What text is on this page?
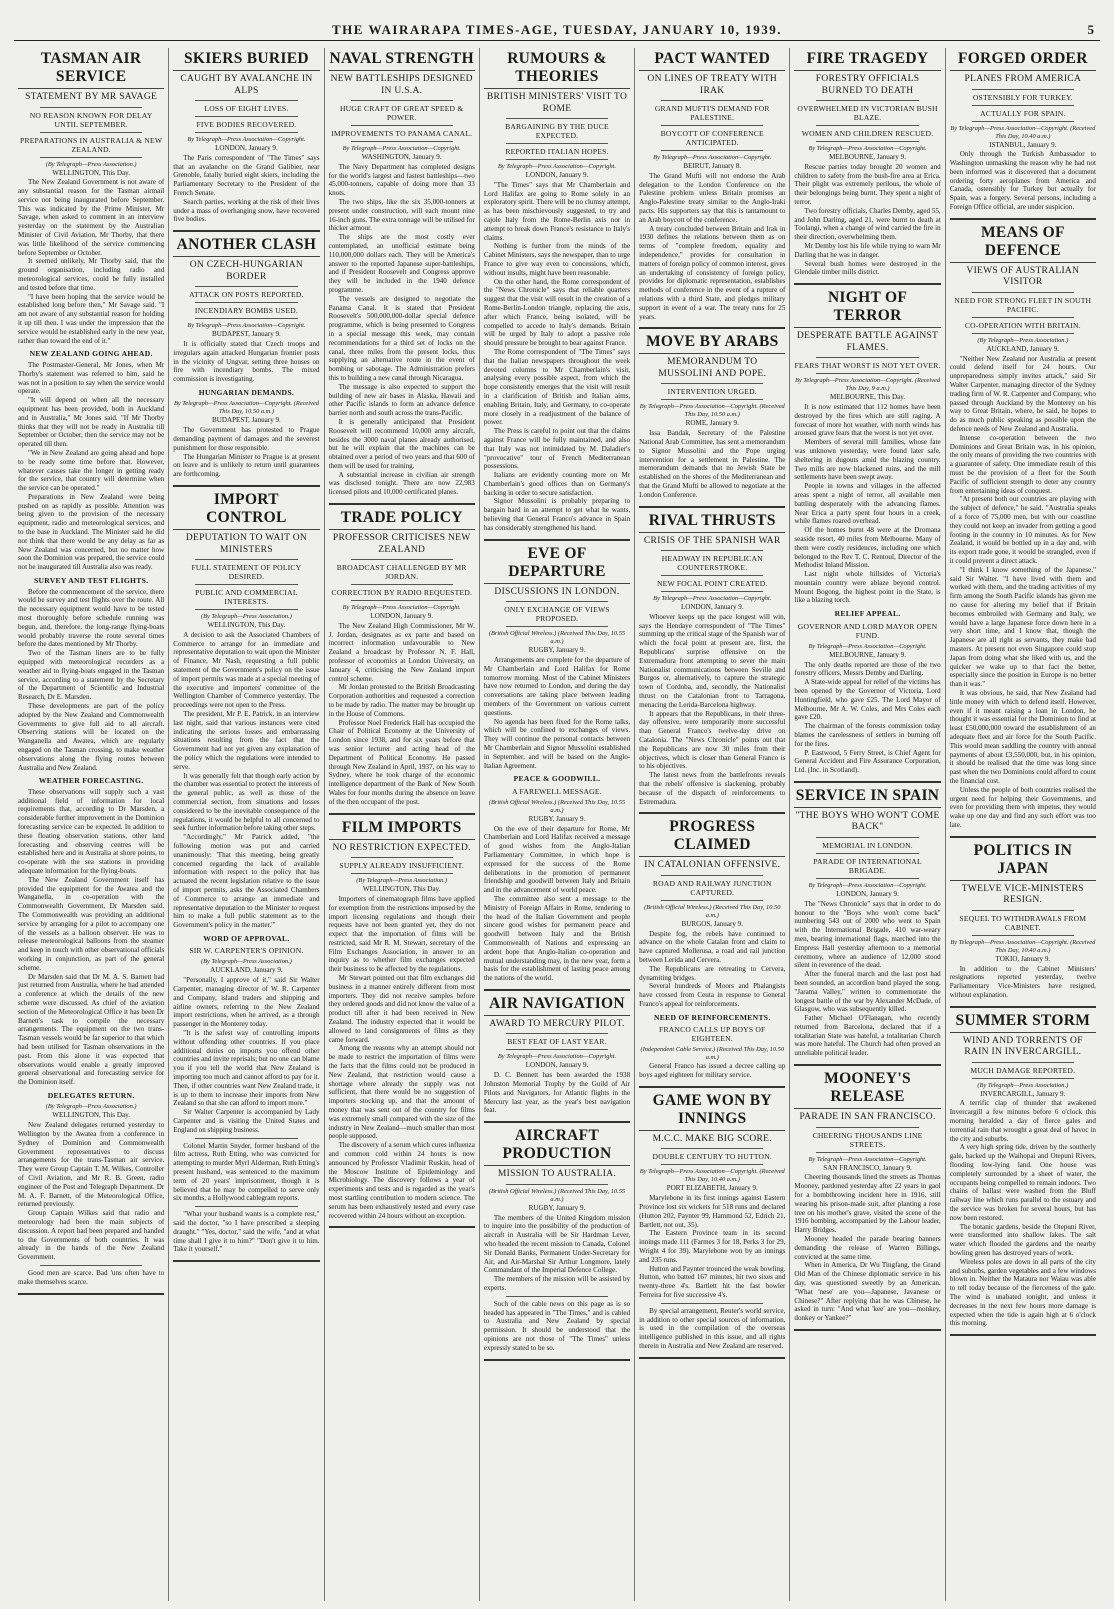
THE WAIRARAPA TIMES-AGE, TUESDAY, JANUARY 10, 1939.	5
TASMAN AIR SERVICE
STATEMENT BY MR SAVAGE
NO REASON KNOWN FOR DELAY UNTIL SEPTEMBER.
PREPARATIONS IN AUSTRALIA & NEW ZEALAND.
(By Telegraph—Press Association.)
WELLINGTON, This Day.

The New Zealand Government is not aware of any substantial reason for the Tasman airmail service not being inaugurated before September. This was indicated by the Prime Minister, Mr Savage, when asked to comment in an interview yesterday on the statement by the Australian Minister of Civil Aviation, Mr Thorby, that there was little likelihood of the service commencing before September or October.

It seemed unlikely, Mr Thorby said, that the ground organisation, including radio and meteorological services, could be fully installed and tested before that time.

"I have been hoping that the service would be established long before then," Mr Savage said. "I am not aware of any substantial reason for holding it up till then. I was under the impression that the service would be established early in the new year, rather than toward the end of it."

NEW ZEALAND GOING AHEAD.

The Postmaster-General, Mr Jones, when Mr Thorby's statement was referred to him, said he was not in a position to say when the service would operate.

"It will depend on when all the necessary equipment has been provided, both in Auckland and in Australia," Mr Jones said. "If Mr Thorby thinks that they will not be ready in Australia till September or October, then the service may not be operated till then.

"We in New Zealand are going ahead and hope to be ready some time before that. However, whatever causes take the longer in getting ready for the service, that country will determine when the service can be operated."

Preparations in New Zealand were being pushed on as rapidly as possible. Attention was being given to the provision of the necessary equipment, radio and meteorological services, and to the base in Auckland. The Minister said he did not think that there would be any delay as far as New Zealand was concerned, but no matter how soon the Dominion was prepared, the service could not be inaugurated till Australia also was ready.

SURVEY AND TEST FLIGHTS.

Before the commencement of the service, there would be survey and test flights over the route. All the necessary equipment would have to be tested most thoroughly before schedule running was begun, and, therefore, the long-range flying-boats would probably traverse the route several times before the dates mentioned by Mr Thorby.

Two of the Tasman liners are to be fully equipped with meteorological recorders as a weather aid to flying-boats engaged in the Tasman service, according to a statement by the Secretary of the Department of Scientific and Industrial Research, Dr E. Marsden.

These developments are part of the policy adopted by the New Zealand and Commonwealth Governments to give full aid to all aircraft. Observing stations will be located on the Wanganella and Awatea, which are regularly engaged on the Tasman crossing, to make weather observations along the flying routes between Australia and New Zealand.

WEATHER FORECASTING.

These observations will supply such a vast additional field of information for local requirements that, according to Dr Marsden, a considerable further improvement in the Dominion forecasting service can be expected. In addition to these floating observation stations, other land forecasting and observing centres will be established here and in Australia at shore points, to co-operate with the sea stations in providing adequate information for the flying-boats.

The New Zealand Government itself has provided the equipment for the Awatea and the Wanganella, in co-operation with the Commonwealth Government, Dr Marsden said. The Commonwealth was providing an additional service by arranging for a pilot to accompany one of the vessels as a balloon observer. He was to release meteorological balloons from the steamer and keep in touch with other observational officials working in conjunction, as part of the general scheme.

Dr Marsden said that Dr M. A. S. Barnett had just returned from Australia, where he had attended a conference at which the details of the new scheme were discussed. As chief of the aviation section of the Meteorological Office it has been Dr Barnett's task to compile the necessary arrangements. The equipment on the two trans-Tasman vessels would be far superior to that which had been utilised for Tasman observations in the past. From this alone it was expected that observations would enable a greatly improved general observational and forecasting service for the Dominion itself.

DELEGATES RETURN.
(By Telegraph—Press Association.)
WELLINGTON, This Day.

New Zealand delegates returned yesterday to Wellington by the Awatea from a conference in Sydney of Dominion and Commonwealth Government representatives to discuss arrangements for the trans-Tasman air service. They were Group Captain T. M. Wilkes, Controller of Civil Aviation, and Mr R. B. Green, radio engineer of the Post and Telegraph Department. Dr M. A. F. Barnett, of the Meteorological Office, returned previously.

Group Captain Wilkes said that radio and meteorology had been the main subjects of discussion. A report had been prepared and handed to the Governments of both countries. It was already in the hands of the New Zealand Government.

Good men are scarce. Bad 'uns often have to make themselves scarce.

SKIERS BURIED
CAUGHT BY AVALANCHE IN ALPS
LOSS OF EIGHT LIVES.
FIVE BODIES RECOVERED.
By Telegraph—Press Association—Copyright.
LONDON, January 9.

The Paris correspondent of "The Times" says that an avalanche on the Grand Galibier, near Grenoble, fatally buried eight skiers, including the Parliamentary Secretary to the President of the French Senate.

Search parties, working at the risk of their lives under a mass of overhanging snow, have recovered five bodies.

ANOTHER CLASH
ON CZECH-HUNGARIAN BORDER
ATTACK ON POSTS REPORTED.
INCENDIARY BOMBS USED.
By Telegraph—Press Association—Copyright.
BUDAPEST, January 9.

It is officially stated that Czech troops and irregulars again attacked Hungarian frontier posts in the vicinity of Ungvar, setting three houses on fire with incendiary bombs. The mixed commission is investigating.

HUNGARIAN DEMANDS.
By Telegraph—Press Association—Copyright. (Received This Day, 10.50 a.m.)
BUDAPEST, January 9.

The Government has protested to Prague demanding payment of damages and the severest punishment for those responsible.

The Hungarian Minister to Prague is at present on leave and is unlikely to return until guarantees are forthcoming.

IMPORT CONTROL
DEPUTATION TO WAIT ON MINISTERS
FULL STATEMENT OF POLICY DESIRED.
PUBLIC AND COMMERCIAL INTERESTS.
(By Telegraph—Press Association.)
WELLINGTON, This Day.

A decision to ask the Associated Chambers of Commerce to arrange for an immediate and representative deputation to wait upon the Minister of Finance, Mr Nash, requesting a full public statement of the Government's policy on the issue of import permits was made at a special meeting of the executive and importers' committee of the Wellington Chamber of Commerce yesterday. The proceedings were not open to the Press.

The president, Mr P. E. Patrick, in an interview last night, said that various instances were cited indicating the serious losses and embarrassing situations resulting from the fact that the Government had not yet given any explanation of the policy which the regulations were intended to serve.

It was generally felt that though early action by the chamber was essential to protect the interests of the general public, as well as those of the commercial section, from situations and losses considered to be the inevitable consequence of the regulations, it would be helpful to all concerned to seek further information before taking other steps.

"Accordingly," Mr Patrick added, "the following motion was put and carried unanimously: 'That this meeting, being greatly concerned regarding the lack of available information with respect to the policy that has actuated the recent legislation relative to the issue of import permits, asks the Associated Chambers of Commerce to arrange an immediate and representative deputation to the Minister to request him to make a full public statement as to the Government's policy in the matter.'"

WORD OF APPROVAL.
SIR W. CARPENTER'S OPINION.
(By Telegraph—Press Association.)
AUCKLAND, January 9.

"Personally, I approve of it," said Sir Walter Carpenter, managing director of W. R. Carpenter and Company, island traders and shipping and airline owners, referring to the New Zealand import restrictions, when he arrived, as a through passenger in the Monterey today.

"It is the safest way of controlling imports without offending other countries. If you place additional duties on imports you offend other countries and invite reprisals; but no one can blame you if you tell the world that New Zealand is importing too much and cannot afford to pay for it. Then, if other countries want New Zealand trade, it is up to them to increase their imports from New Zealand so that she can afford to import more."

Sir Walter Carpenter is accompanied by Lady Carpenter and is visiting the United States and England on shipping business.

Colonel Martin Snyder, former husband of the film actress, Ruth Etting, who was convicted for attempting to murder Myrl Alderman, Ruth Etting's present husband, was sentenced to the maximum term of 20 years' imprisonment, though it is believed that he may be compelled to serve only six months, a Hollywood cablegram reports.

"What your husband wants is a complete rest," said the doctor, "so I have prescribed a sleeping draught." "Yes, doctor," said the wife, "and at what time shall I give it to him?" "Don't give it to him. Take it yourself."

NAVAL STRENGTH
NEW BATTLESHIPS DESIGNED IN U.S.A.
HUGE CRAFT OF GREAT SPEED & POWER.
IMPROVEMENTS TO PANAMA CANAL.
By Telegraph—Press Association—Copyright.
WASHINGTON, January 9.

The Navy Department has completed designs for the world's largest and fastest battleships—two 45,000-tonners, capable of doing more than 33 knots.

The two ships, like the six 35,000-tonners at present under construction, will each mount nine 16-inch guns. The extra tonnage will be utilised for thicker armour.

The ships are the most costly ever contemplated, an unofficial estimate being 110,000,000 dollars each. They will be America's answer to the reported Japanese super-battleships, and if President Roosevelt and Congress approve they will be included in the 1940 defence programme.

The vessels are designed to negotiate the Panama Canal. It is stated that President Roosevelt's 500,000,000-dollar special defence programme, which is being presented to Congress in a special message this week, may contain recommendations for a third set of locks on the canal, three miles from the present locks, thus supplying an alternative route in the event of bombing or sabotage. The Administration prefers this to building a new canal through Nicaragua.

The message is also expected to support the building of new air bases in Alaska, Hawaii and other Pacific islands to form an advance defence barrier north and south across the trans-Pacific.

It is generally anticipated that President Roosevelt will recommend 10,000 army aircraft, besides the 3000 naval planes already authorised, but he will explain that the machines can be obtained over a period of two years and that 600 of them will be used for training.

A substantial increase in civilian air strength was disclosed tonight. There are now 22,983 licensed pilots and 10,000 certificated planes.

TRADE POLICY
PROFESSOR CRITICISES NEW ZEALAND
BROADCAST CHALLENGED BY MR JORDAN.
CORRECTION BY RADIO REQUESTED.
By Telegraph—Press Association—Copyright.
LONDON, January 9.

The New Zealand High Commissioner, Mr W. J. Jordan, designates as ex parte and based on incorrect information unfavourable to New Zealand a broadcast by Professor N. F. Hall, professor of economics at London University, on January 4, criticising the New Zealand import control scheme.

Mr Jordan protested to the British Broadcasting Corporation authorities and requested a correction to be made by radio. The matter may be brought up in the House of Commons.

Professor Noel Frederick Hall has occupied the Chair of Political Economy at the University of London since 1938, and for six years before that was senior lecturer and acting head of the Department of Political Economy. He passed through New Zealand in April, 1937, on his way to Sydney, where he took charge of the economic intelligence department of the Bank of New South Wales for four months during the absence on leave of the then occupant of the post.

FILM IMPORTS
NO RESTRICTION EXPECTED.
SUPPLY ALREADY INSUFFICIENT.
(By Telegraph—Press Association.)
WELLINGTON, This Day.

Importers of cinematograph films have applied for exemption from the restrictions imposed by the import licensing regulations and though their requests have not been granted yet, they do not expect that the importation of films will be restricted, said Mr R. M. Stewart, secretary of the Film Exchanges Association, in answer to an inquiry as to whether film exchanges expected their business to be affected by the regulations.

Mr Stewart pointed out that film exchanges did business in a manner entirely different from most importers. They did not receive samples before they ordered goods and did not know the value of a product till after it had been received in New Zealand. The industry expected that it would be allowed to land consignments of films as they came forward.

Among the reasons why an attempt should not be made to restrict the importation of films were the facts that the films could not be produced in New Zealand, that restriction would cause a shortage where already the supply was not sufficient, that there would be no suggestion of importers stocking up, and that the amount of money that was sent out of the country for films was extremely small compared with the size of the industry in New Zealand—much smaller than most people supposed.

The discovery of a serum which cures influenza and common cold within 24 hours is now announced by Professor Vladimir Ruskin, head of the Moscow Institute of Epidemiology and Microbiology. The discovery follows a year of experiments and tests and is regarded as the year's most startling contribution to modern science. The serum has been exhaustively tested and every case recovered within 24 hours without an exception.

RUMOURS & THEORIES
BRITISH MINISTERS' VISIT TO ROME
BARGAINING BY THE DUCE EXPECTED.
REPORTED ITALIAN HOPES.
By Telegraph—Press Association—Copyright.
LONDON, January 9.

"The Times" says that Mr Chamberlain and Lord Halifax are going to Rome solely in an exploratory spirit. There will be no clumsy attempt, as has been mischievously suggested, to try and cajole Italy from the Rome-Berlin axis nor in attempt to break down France's resistance to Italy's claims.

Nothing is further from the minds of the Cabinet Ministers, says the newspaper, than to urge France to give way even to concessions, which, without insults, might have been reasonable.

On the other hand, the Rome correspondent of the "News Chronicle" says that reliable quarters suggest that the visit will result in the creation of a Rome-Berlin-London triangle, replacing the axis, after which France, being isolated, will be compelled to accede to Italy's demands. Britain will be urged by Italy to adopt a passive role should pressure be brought to bear against France.

The Rome correspondent of "The Times" says that the Italian newspapers throughout the week devoted columns to Mr Chamberlain's visit, analysing every possible aspect, from which the hope consistently emerges that the visit will result in a clarification of British and Italian aims, enabling Britain, Italy, and Germany, to co-operate more closely in a readjustment of the balance of power.

The Press is careful to point out that the claims against France will be fully maintained, and also that Italy was not intimidated by M. Daladier's "provocative" tour of French Mediterranean possessions.

Italians are evidently counting more on Mr Chamberlain's good offices than on Germany's backing in order to secure satisfaction.

Signor Mussolini is probably preparing to bargain hard in an attempt to get what he wants, believing that General Franco's advance in Spain has considerably strengthened his hand.

EVE OF DEPARTURE
DISCUSSIONS IN LONDON.
ONLY EXCHANGE OF VIEWS PROPOSED.
(British Official Wireless.) (Received This Day, 10.55 a.m.)
RUGBY, January 9.

Arrangements are complete for the departure of Mr Chamberlain and Lord Halifax for Rome tomorrow morning. Most of the Cabinet Ministers have now returned to London, and during the day conversations are taking place between leading members of the Government on various current questions.

No agenda has been fixed for the Rome talks, which will be confined to exchanges of views. They will continue the personal contacts between Mr Chamberlain and Signor Mussolini established in September, and will be based on the Anglo-Italian Agreement.

PEACE & GOODWILL.
A FAREWELL MESSAGE.
(British Official Wireless.) (Received This Day, 10.55 a.m.)
RUGBY, January 9.

On the eve of their departure for Rome, Mr Chamberlain and Lord Halifax received a message of good wishes from the Anglo-Italian Parliamentary Committee, in which hope is expressed for the success of the Rome deliberations in the promotion of permanent friendship and goodwill between Italy and Britain and in the advancement of world peace.

The committee also sent a message to the Ministry of Foreign Affairs in Rome, tendering to the head of the Italian Government and people sincere good wishes for permanent peace and goodwill between Italy and the British Commonwealth of Nations and expressing an ardent hope that Anglo-Italian co-operation and mutual understanding may, in the new year, form a basis for the establishment of lasting peace among the nations of the world.

AIR NAVIGATION
AWARD TO MERCURY PILOT.
BEST FEAT OF LAST YEAR.
By Telegraph—Press Association—Copyright.
LONDON, January 9.

D. C. Bennett has been awarded the 1938 Johnston Memorial Trophy by the Guild of Air Pilots and Navigators, for Atlantic flights in the Mercury last year, as the year's best navigation feat.

AIRCRAFT PRODUCTION
MISSION TO AUSTRALIA.
(British Official Wireless.) (Received This Day, 10.55 a.m.)
RUGBY, January 9.

The members of the United Kingdom mission to inquire into the possibility of the production of aircraft in Australia will be Sir Hardman Lever, who headed the recent mission to Canada, Colonel Sir Donald Banks, Permanent Under-Secretary for Air, and Air-Marshal Sir Arthur Longmore, lately Commandant of the Imperial Defence College.

The members of the mission will be assisted by experts.

Such of the cable news on this page as is so headed has appeared in "The Times," and is cabled to Australia and New Zealand by special permission. It should be understood that the opinions are not those of "The Times" unless expressly stated to be so.

PACT WANTED
ON LINES OF TREATY WITH IRAK
GRAND MUFTI'S DEMAND FOR PALESTINE.
BOYCOTT OF CONFERENCE ANTICIPATED.
By Telegraph—Press Association—Copyright.
BEIRUT, January 8.

The Grand Mufti will not endorse the Arab delegation to the London Conference on the Palestine problem unless Britain promises an Anglo-Palestine treaty similar to the Anglo-Iraki pacts. His supporters say that this is tantamount to an Arab boycott of the conference.

A treaty concluded between Britain and Irak in 1930 defines the relations between them as on terms of "complete freedom, equality and independence," provides for consultation in matters of foreign policy of common interest, gives an undertaking of consistency of foreign policy, provides for diplomatic representation, establishes methods of conference in the event of a rupture of relations with a third State, and pledges military support in event of a war. The treaty runs for 25 years.

MOVE BY ARABS
MEMORANDUM TO MUSSOLINI AND POPE.
INTERVENTION URGED.
By Telegraph—Press Association—Copyright. (Received This Day, 10.50 a.m.)
ROME, January 9.

Issa Bandak, Secretary of the Palestine National Arab Committee, has sent a memorandum to Signor Mussolini and the Pope urging intervention for a settlement in Palestine. The memorandum demands that no Jewish State be established on the shores of the Mediterranean and that the Grand Mufti be allowed to negotiate at the London Conference.

RIVAL THRUSTS
CRISIS OF THE SPANISH WAR
HEADWAY IN REPUBLICAN COUNTERSTROKE.
NEW FOCAL POINT CREATED.
By Telegraph—Press Association—Copyright.
LONDON, January 9.

Whoever keeps up the pace longest will win, says the Hendaye correspondent of "The Times" summing up the critical stage of the Spanish war of which the focal point at present are, first, the Republicans' surprise offensive on the Extremadura front attempting to sever the main Nationalist communications between Seville and Burgos or, alternatively, to capture the strategic town of Cordoba, and, secondly, the Nationalist thrust on the Catalonian front to Tarragona, menacing the Lerida-Barcelona highway.

It appears that the Republicans, in their three-day offensive, were temporarily more successful than General Franco's twelve-day drive on Catalonia. The "News Chronicle" points out that the Republicans are now 30 miles from their objectives, which is closer than General Franco is to his objectives.

The latest news from the battlefronts reveals that the rebels' offensive is slackening, probably because of the dispatch of reinforcements to Estremadura.

PROGRESS CLAIMED
IN CATALONIAN OFFENSIVE.
ROAD AND RAILWAY JUNCTION CAPTURED.
(British Official Wireless.) (Received This Day, 10.50 a.m.)
BURGOS, January 9.

Despite fog, the rebels have continued to advance on the whole Catalan front and claim to have captured Mollerusa, a road and rail junction between Lerida and Cervera.

The Republicans are retreating to Cervera, dynamiting bridges.

Several hundreds of Moors and Phalangists have crossed from Ceuta in response to General Franco's appeal for reinforcements.

NEED OF REINFORCEMENTS.
FRANCO CALLS UP BOYS OF EIGHTEEN.
(Independent Cable Service.) (Received This Day, 10.50 a.m.)

General Franco has issued a decree calling up boys aged eighteen for military service.

GAME WON BY INNINGS
M.C.C. MAKE BIG SCORE.
DOUBLE CENTURY TO HUTTON.
By Telegraph—Press Association—Copyright. (Received This Day, 10.40 a.m.)
PORT ELIZABETH, January 9.

Marylebone in its first innings against Eastern Province lost six wickets for 518 runs and declared (Hutton 202, Paynter 99, Hammond 52, Edrich 21, Bartlett, not out, 35).

The Eastern Province team in its second innings made 111 (Farmes 3 for 18, Perks 3 for 29, Wright 4 for 39). Marylebone won by an innings and 235 runs.

Hutton and Paynter trounced the weak bowling. Hutton, who batted 167 minutes, hit two sixes and twenty-three 4's. Bartlett hit the fast bowler Ferreira for five successive 4's.

By special arrangement, Reuter's world service, in addition to other special sources of information, is used in the compilation of the overseas intelligence published in this issue, and all rights therein in Australia and New Zealand are reserved.

FIRE TRAGEDY
FORESTRY OFFICIALS BURNED TO DEATH
OVERWHELMED IN VICTORIAN BUSH BLAZE.
WOMEN AND CHILDREN RESCUED.
By Telegraph—Press Association—Copyright.
MELBOURNE, January 9.

Rescue parties today brought 20 women and children to safety from the bush-fire area at Erica. Their plight was extremely perilous, the whole of their belongings being burnt. They spent a night of terror.

Two forestry officials, Charles Demby, aged 55, and John Darling, aged 21, were burnt to death at Toolangi, when a change of wind carried the fire in their direction, overwhelming them.

Mr Demby lost his life while trying to warn Mr Darling that he was in danger.

Several bush homes were destroyed in the Glendale timber mills district.

NIGHT OF TERROR
DESPERATE BATTLE AGAINST FLAMES.
FEARS THAT WORST IS NOT YET OVER.
By Telegraph—Press Association—Copyright. (Received This Day, 9 a.m.)
MELBOURNE, This Day.

It is now estimated that 112 homes have been destroyed by the fires which are still raging. A forecast of more hot weather, with north winds has aroused grave fears that the worst is not yet over.

Members of several mill families, whose fate was unknown yesterday, were found later safe, sheltering in dugouts amid the blazing country. Two mills are now blackened ruins, and the mill settlements have been swept away.

People in towns and villages in the affected areas spent a night of terror, all available men battling desperately with the advancing flames. Near Erica a party spent four hours in a creek, while flames roared overhead.

Of the homes burnt 48 were at the Dromana seaside resort, 40 miles from Melbourne. Many of them were costly residences, including one which belonged to the Rev T. C. Rentoul, Director of the Methodist Inland Mission.

Last night whole hillsides of Victoria's mountain country were ablaze beyond control. Mount Bogong, the highest point in the State, is like a blazing torch.

RELIEF APPEAL.
GOVERNOR AND LORD MAYOR OPEN FUND.
By Telegraph—Press Association—Copyright.
MELBOURNE, January 9.

The only deaths reported are those of the two forestry officers, Messrs Demby and Darling.

A State-wide appeal for relief of the victims has been opened by the Governor of Victoria, Lord Huntingfield, who gave £25. The Lord Mayor of Melbourne, Mr A. W. Coles, and Mrs Coles each gave £20.

The chairman of the forests commission today blames the carelessness of settlers in burning off for the fires.

P. Eastwood, 5 Ferry Street, is Chief Agent for General Accident and Fire Assurance Corporation, Ltd. (Inc. in Scotland).

SERVICE IN SPAIN
"THE BOYS WHO WON'T COME BACK"
MEMORIAL IN LONDON.
PARADE OF INTERNATIONAL BRIGADE.
By Telegraph—Press Association—Copyright.
LONDON, January 9.

The "News Chronicle" says that in order to do honour to the "Boys who won't come back" numbering 543 out of 2000 who went to Spain with the International Brigade, 410 war-weary men, bearing international flags, marched into the Empress Hall yesterday afternoon to a memorial ceremony, where an audience of 12,000 stood silent in reverence of the dead.

After the funeral march and the last post had been sounded, an accordion band played the song, "Jarama Valley," written to commemorate the longest battle of the war by Alexander McDade, of Glasgow, who was subsequently killed.

Father Michael O'Flanagan, who recently returned from Barcelona, declared that if a totalitarian State was hateful, a totalitarian Church was more hateful. The Church had often proved an unreliable political leader.

MOONEY'S RELEASE
PARADE IN SAN FRANCISCO.
CHEERING THOUSANDS LINE STREETS.
By Telegraph—Press Association—Copyright.
SAN FRANCISCO, January 9.

Cheering thousands lined the streets as Thomas Mooney, pardoned yesterday after 22 years in gaol for a bombthrowing incident here in 1916, still wearing his prison-made suit, after planting a rose tree on his mother's grave, visited the scene of the 1916 bombing, accompanied by the Labour leader, Harry Bridges.

Mooney headed the parade bearing banners demanding the release of Warren Billings, convicted at the same time.

When in America, Dr Wu Tingfang, the Grand Old Man of the Chinese diplomatic service in his day, was questioned sweetly by an American. "What 'nese' are you—Japanese, Javanese or Chinese?" After replying that he was Chinese, he asked in turn: "And what 'kee' are you—monkey, donkey or Yankee?"

FORGED ORDER
PLANES FROM AMERICA
OSTENSIBLY FOR TURKEY.
ACTUALLY FOR SPAIN.
By Telegraph—Press Association—Copyright. (Received This Day, 10.40 a.m.)
ISTANBUL, January 9.

Only through the Turkish Ambassador to Washington unmasking the reason why he had not been informed was it discovered that a document ordering forty aeroplanes from America and Canada, ostensibly for Turkey but actually for Spain, was a forgery. Several persons, including a Foreign Office official, are under suspicion.

MEANS OF DEFENCE
VIEWS OF AUSTRALIAN VISITOR
NEED FOR STRONG FLEET IN SOUTH PACIFIC.
CO-OPERATION WITH BRITAIN.
(By Telegraph—Press Association.)
AUCKLAND, January 9.

"Neither New Zealand nor Australia at present could defend itself for 24 hours. Our unpreparedness simply invites attack," said Sir Walter Carpenter, managing director of the Sydney trading firm of W. R. Carpenter and Company, who passed through Auckland by the Monterey on his way to Great Britain, where, he said, he hopes to do as much public speaking as possible upon the defence needs of New Zealand and Australia.

Intense co-operation between the two Dominions and Great Britain was, in his opinion, the only means of providing the two countries with a guarantee of safety. One immediate result of this must be the provision of a fleet for the South Pacific of sufficient strength to deter any country from entertaining ideas of conquest.

"At present both our countries are playing with the subject of defence," he said. "Australia speaks of a force of 75,000 men, but with our coastline they could not keep an invader from getting a good footing in the country in 10 minutes. As for New Zealand, it would be bottled up in a day and, with its export trade gone, it would be strangled, even if it could prevent a direct attack.

"I think I know something of the Japanese," said Sir Walter. "I have lived with them and worked with them, and the trading activities of my firm among the South Pacific islands has given me no cause for altering my belief that if Britain becomes embroiled with Germany and Italy, we would have a large Japanese force down here in a very short time, and I know that, though the Japanese are all right as servants, they make bad masters. At present not even Singapore could stop Japan from doing what she liked with us, and the quicker we wake up to that fact the better, especially since the position in Europe is no better than it was."

It was obvious, he said, that New Zealand had little money with which to defend itself. However, even if it meant raising a loan in London, he thought it was essential for the Dominion to find at least £50,000,000 toward the establishment of an adequate fleet and air force for the South Pacific. This would mean saddling the country with annual payments of about £3,550,000, but, in his opinion, it should be realised that the time was long since past when the two Dominions could afford to count the financial cost.

Unless the people of both countries realised the urgent need for helping their Governments, and even for providing them with impetus, they would wake up one day and find any such effort was too late.

POLITICS IN JAPAN
TWELVE VICE-MINISTERS RESIGN.
SEQUEL TO WITHDRAWALS FROM CABINET.
By Telegraph—Press Association—Copyright. (Received This Day, 10.40 a.m.)
TOKIO, January 9.

In addition to the Cabinet Ministers' resignations reported yesterday, twelve Parliamentary Vice-Ministers have resigned, without explanation.

SUMMER STORM
WIND AND TORRENTS OF RAIN IN INVERCARGILL.
MUCH DAMAGE REPORTED.
(By Telegraph—Press Association.)
INVERCARGILL, January 9.

A terrific clap of thunder that awakened Invercargill a few minutes before 6 o'clock this morning heralded a day of fierce gales and torrential rain that wrought a great deal of havoc in the city and suburbs.

A very high spring tide, driven by the southerly gale, backed up the Waihopai and Otepuni Rivers, flooding low-lying land. One house was completely surrounded by a sheet of water, the occupants being compelled to remain indoors. Two chains of ballast were washed from the Bluff railway line which runs parallel to the estuary and the service was broken for several hours, but has now been restored.

The botanic gardens, beside the Otepuni River, were transformed into shallow lakes. The salt water which flooded the gardens and the nearby bowling green has destroyed years of work.

Wireless poles are down in all parts of the city and suburbs, garden vegetables and a few windows blown in. Neither the Mataura nor Waiau was able to tell today because of the fierceness of the gale. The wind is unabated tonight, and unless it decreases in the next few hours more damage is expected when the tide is again high at 6 o'clock this morning.
